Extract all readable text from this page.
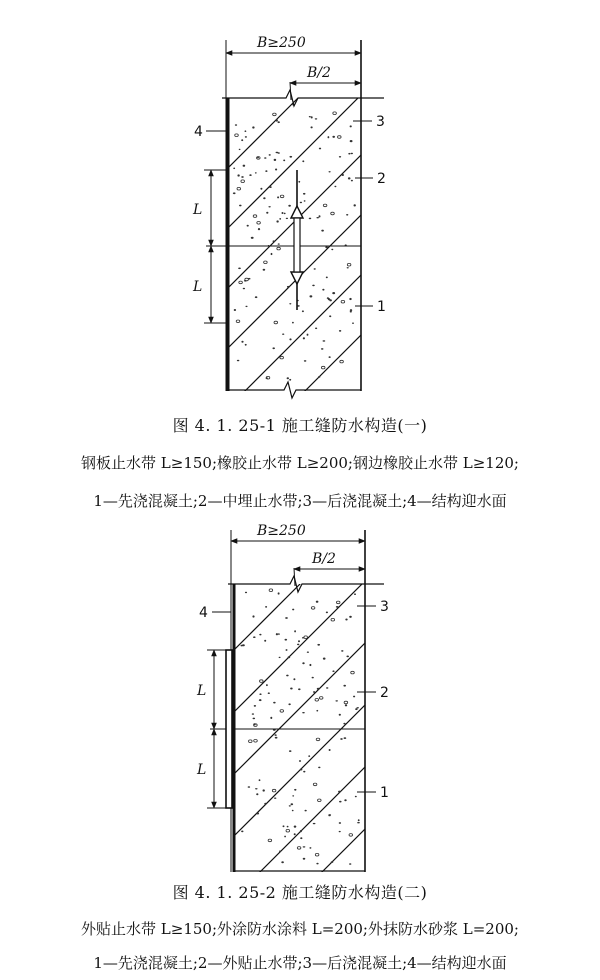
B≥250
B/2
L
L
4
3
2
1
B≥250
B/2
L
L
4	3
2
1
图 4. 1. 25-1 施工缝防水构造(一)
钢板止水带 L≥150;橡胶止水带 L≥200;钢边橡胶止水带 L≥120;
1—先浇混凝土;2—中埋止水带;3—后浇混凝土;4—结构迎水面
图 4. 1. 25-2 施工缝防水构造(二)
外贴止水带 L≥150;外涂防水涂料 L=200;外抹防水砂浆 L=200;
1—先浇混凝土;2—外贴止水带;3—后浇混凝土;4—结构迎水面
